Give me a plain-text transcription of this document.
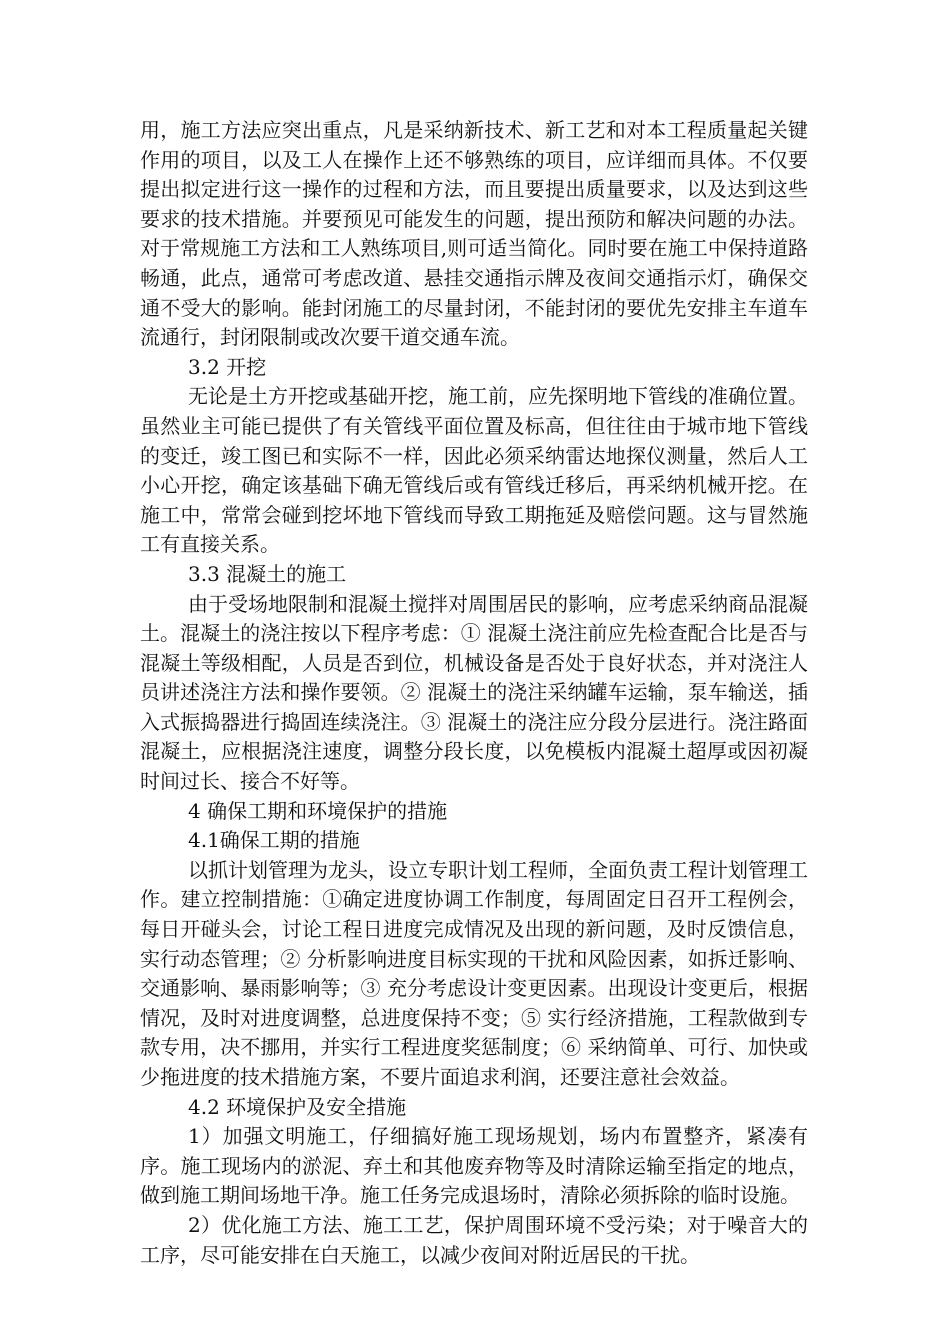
用，施工方法应突出重点，凡是采纳新技术、新工艺和对本工程质量起关键作用的项目，以及工人在操作上还不够熟练的项目，应详细而具体。不仅要提出拟定进行这一操作的过程和方法，而且要提出质量要求，以及达到这些要求的技术措施。并要预见可能发生的问题，提出预防和解决问题的办法。对于常规施工方法和工人熟练项目,则可适当简化。同时要在施工中保持道路畅通，此点，通常可考虑改道、悬挂交通指示牌及夜间交通指示灯，确保交通不受大的影响。能封闭施工的尽量封闭，不能封闭的要优先安排主车道车流通行，封闭限制或改次要干道交通车流。

3.2 开挖

无论是土方开挖或基础开挖，施工前，应先探明地下管线的准确位置。虽然业主可能已提供了有关管线平面位置及标高，但往往由于城市地下管线的变迁，竣工图已和实际不一样，因此必须采纳雷达地探仪测量，然后人工小心开挖，确定该基础下确无管线后或有管线迁移后，再采纳机械开挖。在施工中，常常会碰到挖坏地下管线而导致工期拖延及赔偿问题。这与冒然施工有直接关系。

3.3 混凝土的施工

由于受场地限制和混凝土搅拌对周围居民的影响，应考虑采纳商品混凝土。混凝土的浇注按以下程序考虑：① 混凝土浇注前应先检查配合比是否与混凝土等级相配，人员是否到位，机械设备是否处于良好状态，并对浇注人员讲述浇注方法和操作要领。② 混凝土的浇注采纳罐车运输，泵车输送，插入式振捣器进行捣固连续浇注。③ 混凝土的浇注应分段分层进行。浇注路面混凝土，应根据浇注速度，调整分段长度，以免模板内混凝土超厚或因初凝时间过长、接合不好等。

4 确保工期和环境保护的措施

4.1确保工期的措施

以抓计划管理为龙头，设立专职计划工程师，全面负责工程计划管理工作。建立控制措施：①确定进度协调工作制度，每周固定日召开工程例会，每日开碰头会，讨论工程日进度完成情况及出现的新问题，及时反馈信息，实行动态管理；② 分析影响进度目标实现的干扰和风险因素，如拆迁影响、交通影响、暴雨影响等；③ 充分考虑设计变更因素。出现设计变更后，根据情况，及时对进度调整，总进度保持不变；⑤ 实行经济措施，工程款做到专款专用，决不挪用，并实行工程进度奖惩制度；⑥ 采纳简单、可行、加快或少拖进度的技术措施方案，不要片面追求利润，还要注意社会效益。

4.2 环境保护及安全措施

1）加强文明施工，仔细搞好施工现场规划，场内布置整齐，紧凑有序。施工现场内的淤泥、弃土和其他废弃物等及时清除运输至指定的地点，做到施工期间场地干净。施工任务完成退场时，清除必须拆除的临时设施。

2）优化施工方法、施工工艺，保护周围环境不受污染；对于噪音大的工序，尽可能安排在白天施工，以减少夜间对附近居民的干扰。
